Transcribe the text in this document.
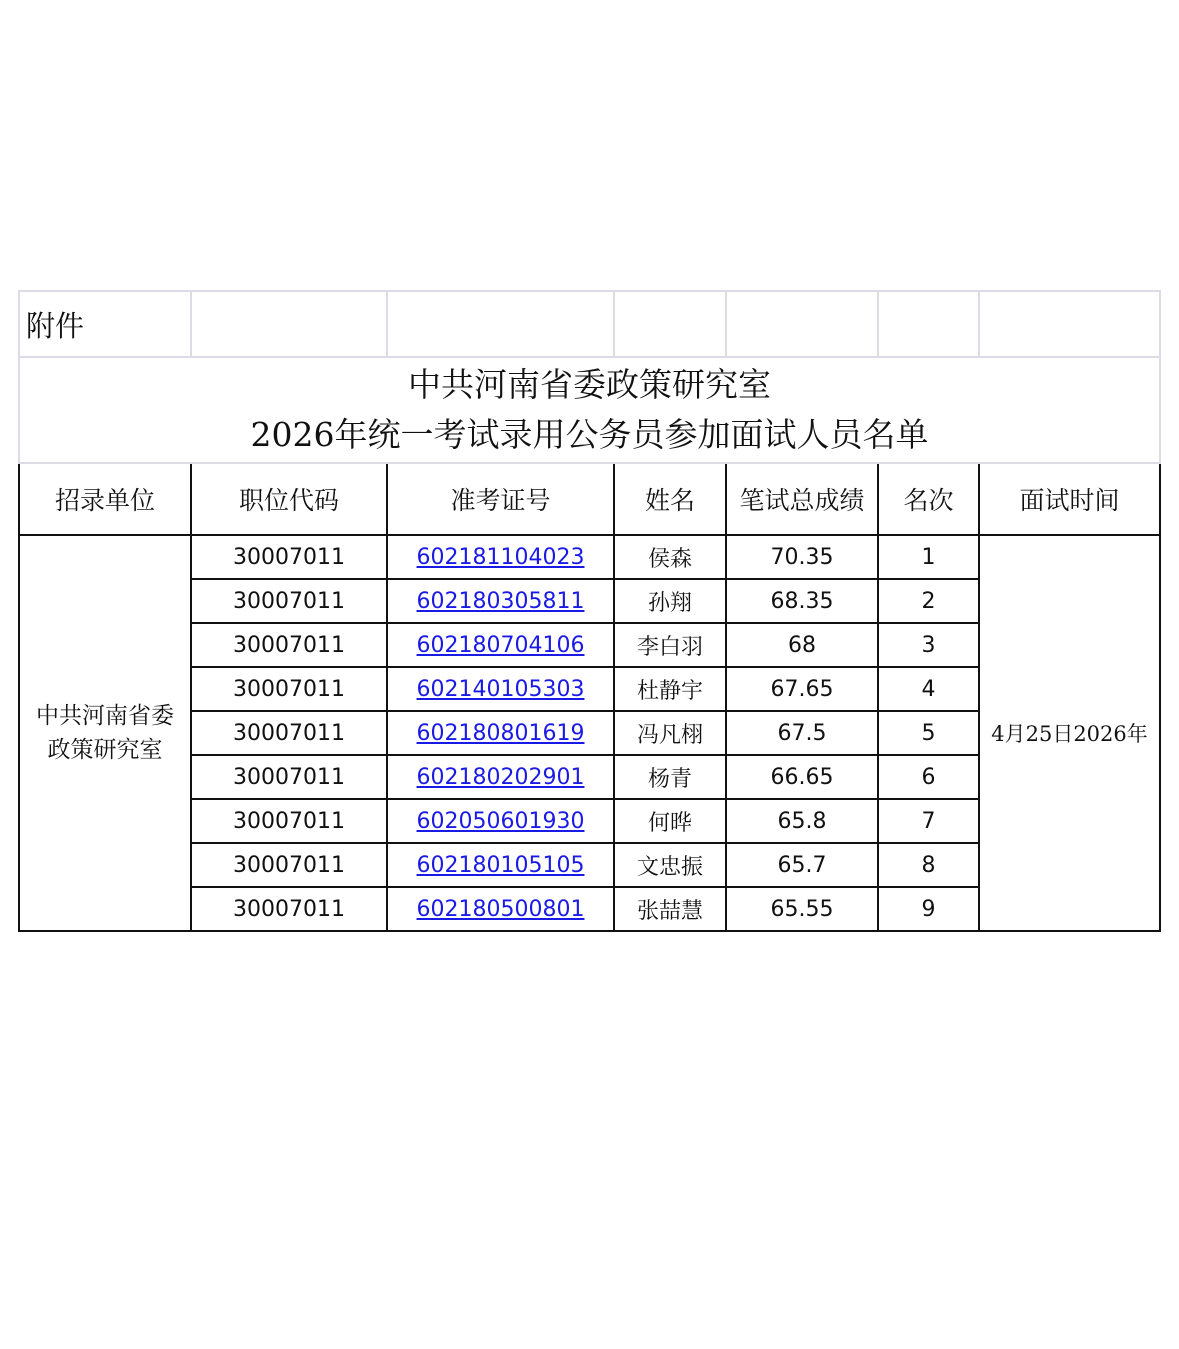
附件						

中共河南省委政策研究室
2026年统一考试录用公务员参加面试人员名单						

招录单位	职位代码	准考证号	姓名	笔试总成绩	名次	面试时间

中共河南省委
政策研究室	30007011	602181104023	侯森	70.35	1	4月25日2026年
	30007011	602180305811	孙翔	68.35	2	
	30007011	602180704106	李白羽	68	3	
	30007011	602140105303	杜静宇	67.65	4	
	30007011	602180801619	冯凡栩	67.5	5	
	30007011	602180202901	杨青	66.65	6	
	30007011	602050601930	何晔	65.8	7	
	30007011	602180105105	文忠振	65.7	8	
	30007011	602180500801	张喆慧	65.55	9	
